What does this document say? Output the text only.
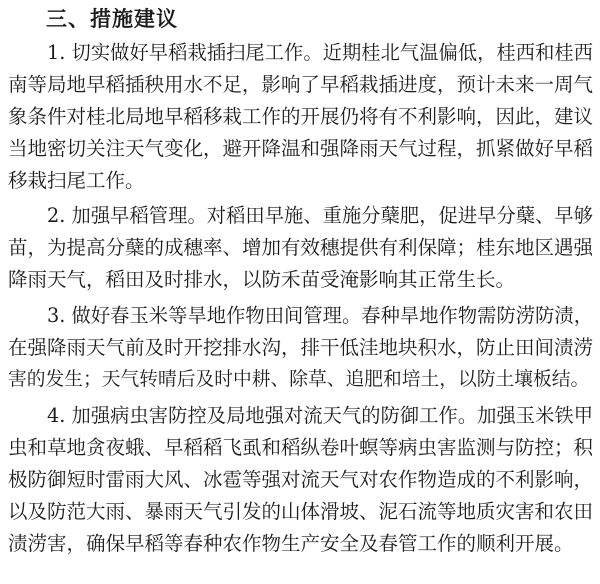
三、措施建议

1. 切实做好早稻栽插扫尾工作。近期桂北气温偏低，桂西和桂西

南等局地早稻插秧用水不足，影响了早稻栽插进度，预计未来一周气

象条件对桂北局地早稻移栽工作的开展仍将有不利影响，因此，建议

当地密切关注天气变化，避开降温和强降雨天气过程，抓紧做好早稻

移栽扫尾工作。

2. 加强早稻管理。对稻田早施、重施分蘖肥，促进早分蘖、早够

苗，为提高分蘖的成穗率、增加有效穗提供有利保障；桂东地区遇强

降雨天气，稻田及时排水，以防禾苗受淹影响其正常生长。

3. 做好春玉米等旱地作物田间管理。春种旱地作物需防涝防渍，

在强降雨天气前及时开挖排水沟，排干低洼地块积水，防止田间渍涝

害的发生；天气转晴后及时中耕、除草、追肥和培土，以防土壤板结。

4. 加强病虫害防控及局地强对流天气的防御工作。加强玉米铁甲

虫和草地贪夜蛾、早稻稻飞虱和稻纵卷叶螟等病虫害监测与防控；积

极防御短时雷雨大风、冰雹等强对流天气对农作物造成的不利影响，

以及防范大雨、暴雨天气引发的山体滑坡、泥石流等地质灾害和农田

渍涝害，确保早稻等春种农作物生产安全及春管工作的顺利开展。
